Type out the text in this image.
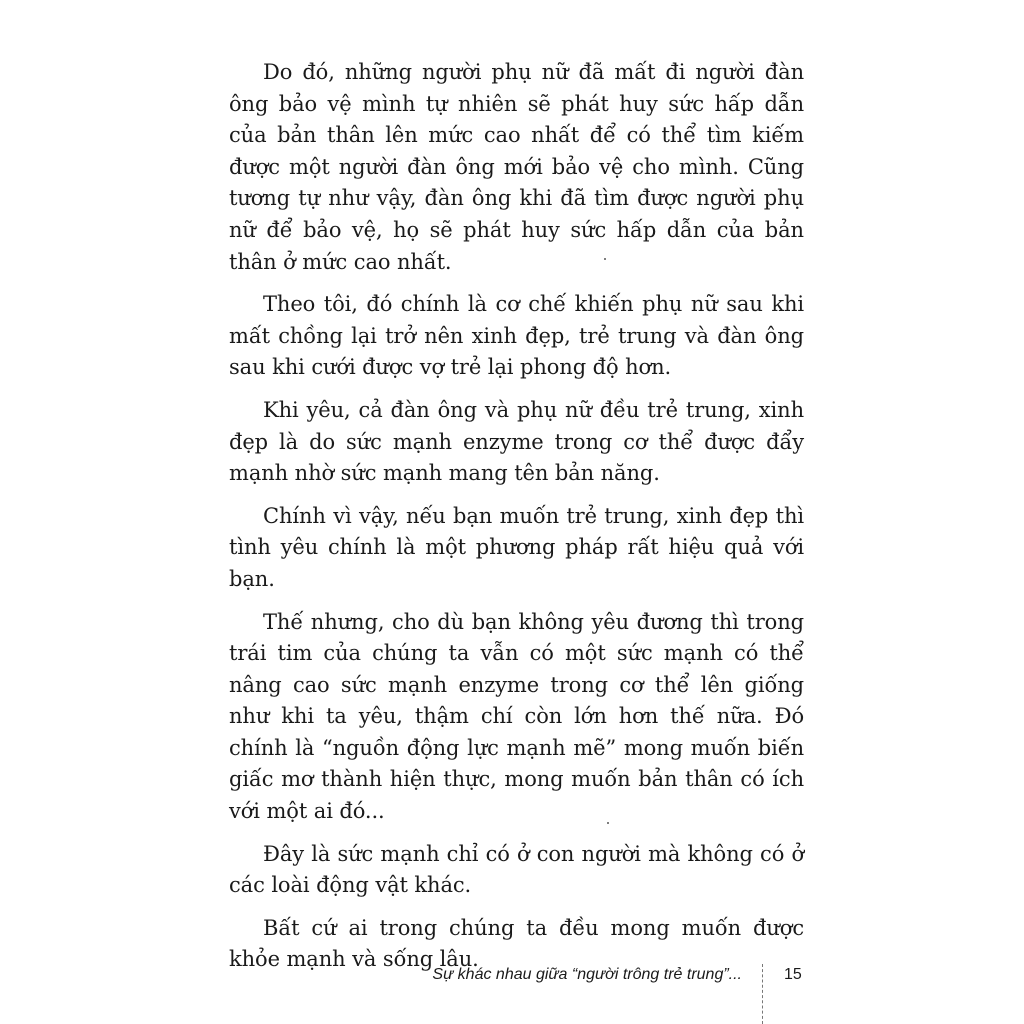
Do đó, những người phụ nữ đã mất đi người đàn ông bảo vệ mình tự nhiên sẽ phát huy sức hấp dẫn của bản thân lên mức cao nhất để có thể tìm kiếm được một người đàn ông mới bảo vệ cho mình. Cũng tương tự như vậy, đàn ông khi đã tìm được người phụ nữ để bảo vệ, họ sẽ phát huy sức hấp dẫn của bản thân ở mức cao nhất.

Theo tôi, đó chính là cơ chế khiến phụ nữ sau khi mất chồng lại trở nên xinh đẹp, trẻ trung và đàn ông sau khi cưới được vợ trẻ lại phong độ hơn.

Khi yêu, cả đàn ông và phụ nữ đều trẻ trung, xinh đẹp là do sức mạnh enzyme trong cơ thể được đẩy mạnh nhờ sức mạnh mang tên bản năng.

Chính vì vậy, nếu bạn muốn trẻ trung, xinh đẹp thì tình yêu chính là một phương pháp rất hiệu quả với bạn.

Thế nhưng, cho dù bạn không yêu đương thì trong trái tim của chúng ta vẫn có một sức mạnh có thể nâng cao sức mạnh enzyme trong cơ thể lên giống như khi ta yêu, thậm chí còn lớn hơn thế nữa. Đó chính là “nguồn động lực mạnh mẽ” mong muốn biến giấc mơ thành hiện thực, mong muốn bản thân có ích với một ai đó...

Đây là sức mạnh chỉ có ở con người mà không có ở các loài động vật khác.

Bất cứ ai trong chúng ta đều mong muốn được khỏe mạnh và sống lâu.

Sự khác nhau giữa “người trông trẻ trung”...	15
